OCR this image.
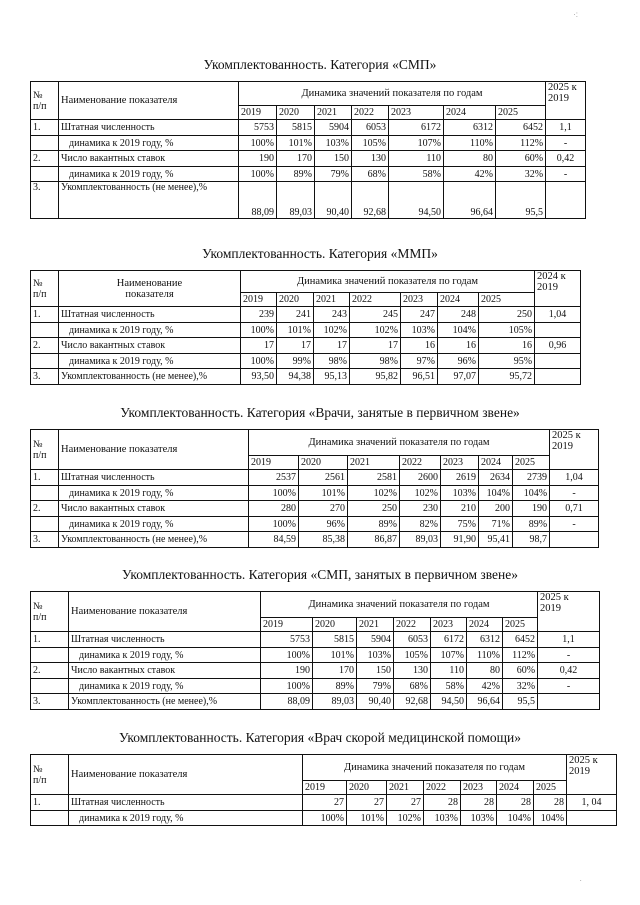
·:
Укомплектованность. Категория «СМП»
№
п/п	Наименование показателя	Динамика значений показателя по годам							2025 к
2019
		2019	2020	2021	2022	2023	2024	2025	
1.	Штатная численность	5753	5815	5904	6053	6172	6312	6452	1,1
	динамика к 2019 году, %	100%	101%	103%	105%	107%	110%	112%	-
2.	Число вакантных ставок	190	170	150	130	110	80	60%	0,42
	динамика к 2019 году, %	100%	89%	79%	68%	58%	42%	32%	-
3.	Укомплектованность (не менее),%	88,09	89,03	90,40	92,68	94,50	96,64	95,5	
Укомплектованность. Категория «ММП»
№
п/п	Наименование
показателя	Динамика значений показателя по годам							2024 к
2019
		2019	2020	2021	2022	2023	2024	2025	
1.	Штатная численность	239	241	243	245	247	248	250	1,04
	динамика к 2019 году, %	100%	101%	102%	102%	103%	104%	105%	
2.	Число вакантных ставок	17	17	17	17	16	16	16	0,96
	динамика к 2019 году, %	100%	99%	98%	98%	97%	96%	95%	
3.	Укомплектованность (не менее),%	93,50	94,38	95,13	95,82	96,51	97,07	95,72	
Укомплектованность. Категория «Врачи, занятые в первичном звене»
№
п/п	Наименование показателя	Динамика значений показателя по годам							2025 к
2019
		2019	2020	2021	2022	2023	2024	2025	
1.	Штатная численность	2537	2561	2581	2600	2619	2634	2739	1,04
	динамика к 2019 году, %	100%	101%	102%	102%	103%	104%	104%	-
2.	Число вакантных ставок	280	270	250	230	210	200	190	0,71
	динамика к 2019 году, %	100%	96%	89%	82%	75%	71%	89%	-
3.	Укомплектованность (не менее),%	84,59	85,38	86,87	89,03	91,90	95,41	98,7	
Укомплектованность. Категория «СМП, занятых в первичном звене»
№
п/п	Наименование показателя	Динамика значений показателя по годам							2025 к
2019
		2019	2020	2021	2022	2023	2024	2025	
1.	Штатная численность	5753	5815	5904	6053	6172	6312	6452	1,1
	динамика к 2019 году, %	100%	101%	103%	105%	107%	110%	112%	-
2.	Число вакантных ставок	190	170	150	130	110	80	60%	0,42
	динамика к 2019 году, %	100%	89%	79%	68%	58%	42%	32%	-
3.	Укомплектованность (не менее),%	88,09	89,03	90,40	92,68	94,50	96,64	95,5	
Укомплектованность. Категория «Врач скорой медицинской помощи»
№
п/п	Наименование показателя	Динамика значений показателя по годам							2025 к
2019
		2019	2020	2021	2022	2023	2024	2025	
1.	Штатная численность	27	27	27	28	28	28	28	1, 04
	динамика к 2019 году, %	100%	101%	102%	103%	103%	104%	104%	
·
